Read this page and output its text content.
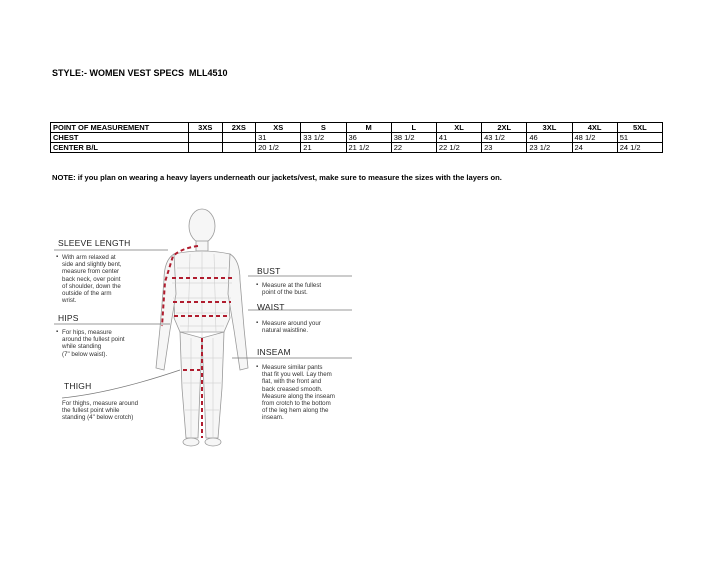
STYLE:- WOMEN VEST SPECS  MLL4510
POINT OF MEASUREMENT	3XS	2XS	XS	S	M	L	XL	2XL	3XL	4XL	5XL
CHEST			31	33 1/2	36	38 1/2	41	43 1/2	46	48 1/2	51
CENTER B/L			20 1/2	21	21 1/2	22	22 1/2	23	23 1/2	24	24 1/2
NOTE: if you plan on wearing a heavy layers underneath our jackets/vest, make sure to measure the sizes with the layers on.
SLEEVE LENGTH
▪ With arm relaxed at
side and slightly bent,
measure from center
back neck, over point
of shoulder, down the
outside of the arm
wrist.
HIPS
▪ For hips, measure
around the fullest point
while standing
(7" below waist).
THIGH
For thighs, measure around
the fullest point while
standing (4" below crotch)
BUST
▪ Measure at the fullest
point of the bust.
WAIST
▪ Measure around your
natural waistline.
INSEAM
▪ Measure similar pants
that fit you well. Lay them
flat, with the front and
back creased smooth.
Measure along the inseam
from crotch to the bottom
of the leg hem along the
inseam.
